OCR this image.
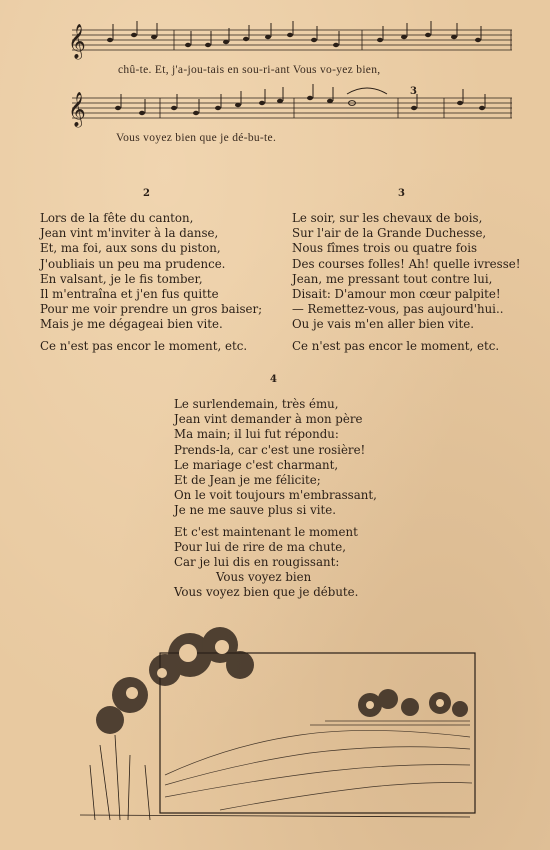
𝄞
chû-te. Et, j'a-jou-tais en sou-ri-ant Vous vo-yez bien,
𝄞
3
Vous voyez bien que je dé-bu-te.
2
Lors de la fête du canton,
Jean vint m'inviter à la danse,
Et, ma foi, aux sons du piston,
J'oubliais un peu ma prudence.
En valsant, je le fis tomber,
Il m'entraîna et j'en fus quitte
Pour me voir prendre un gros baiser;
Mais je me dégageai bien vite.
Ce n'est pas encor le moment, etc.
3
Le soir, sur les chevaux de bois,
Sur l'air de la Grande Duchesse,
Nous fîmes trois ou quatre fois
Des courses folles! Ah! quelle ivresse!
Jean, me pressant tout contre lui,
Disait: D'amour mon cœur palpite!
— Remettez-vous, pas aujourd'hui..
Ou je vais m'en aller bien vite.
Ce n'est pas encor le moment, etc.
4
Le surlendemain, très ému,
Jean vint demander à mon père
Ma main; il lui fut répondu:
Prends-la, car c'est une rosière!
Le mariage c'est charmant,
Et de Jean je me félicite;
On le voit toujours m'embrassant,
Je ne me sauve plus si vite.
Et c'est maintenant le moment
Pour lui de rire de ma chute,
Car je lui dis en rougissant:
Vous voyez bien
Vous voyez bien que je débute.
